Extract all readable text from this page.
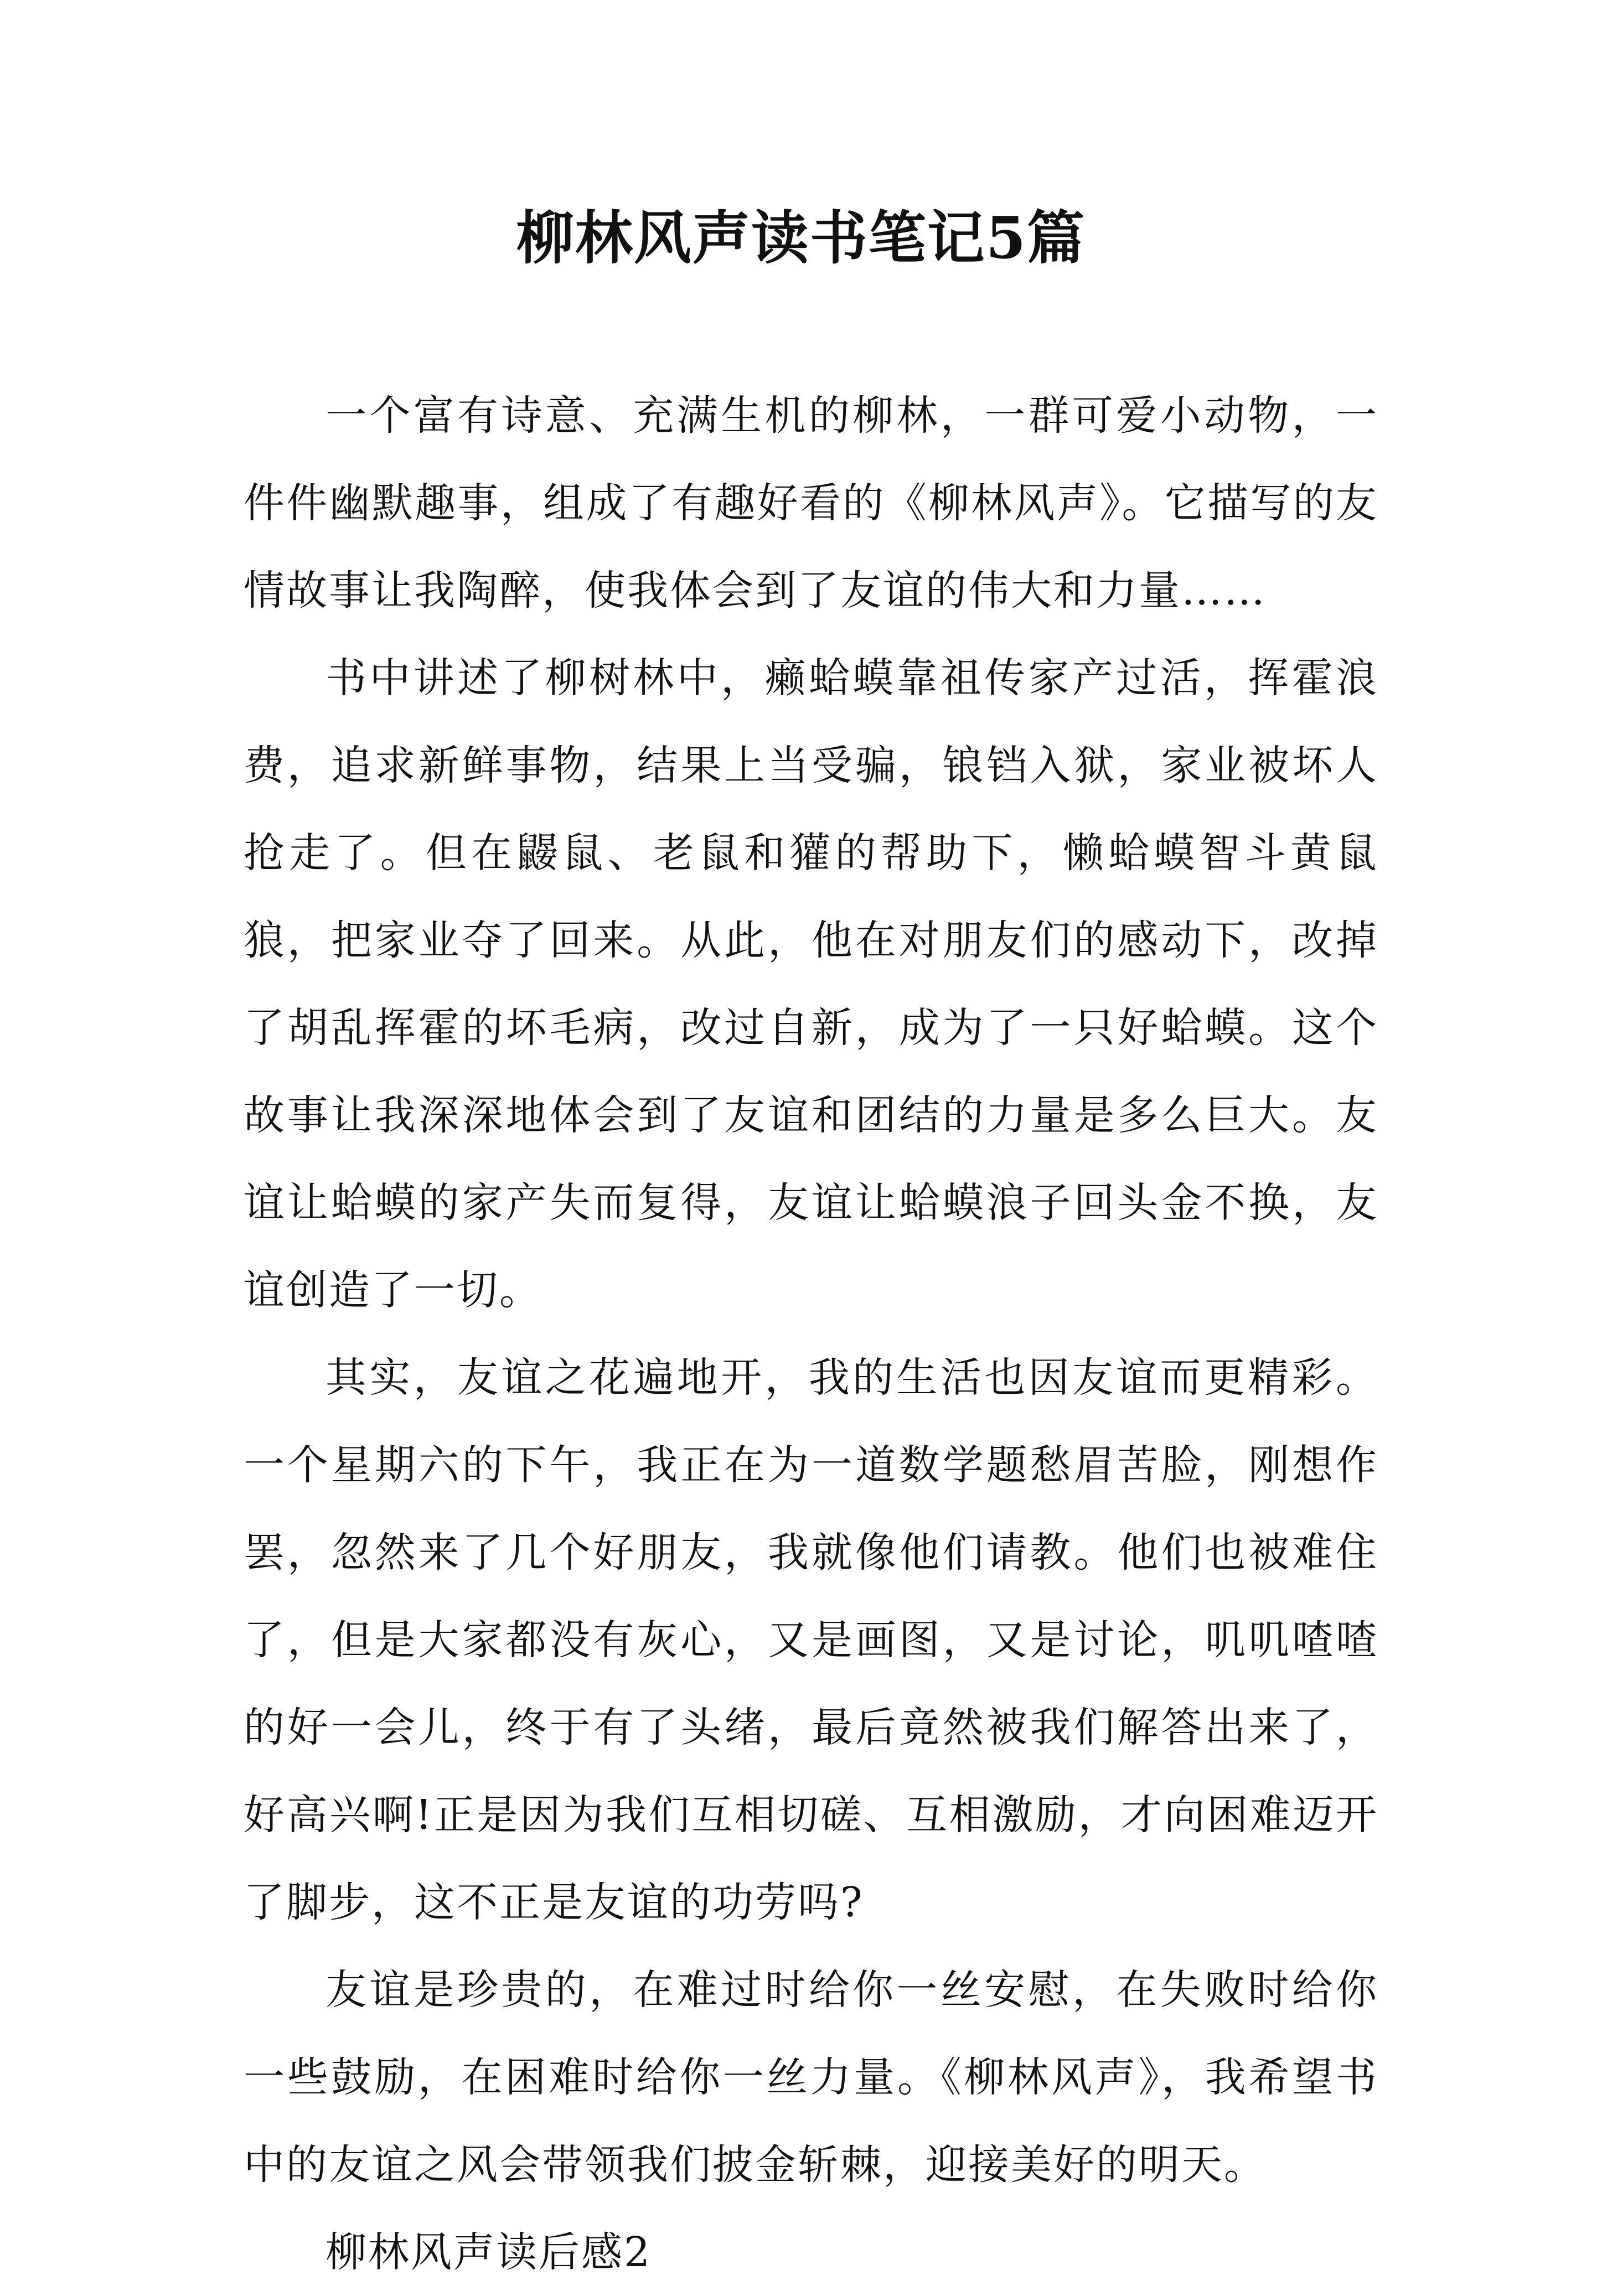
柳林风声读书笔记5篇

一个富有诗意、充满生机的柳林，一群可爱小动物，一件件幽默趣事，组成了有趣好看的《柳林风声》。它描写的友情故事让我陶醉，使我体会到了友谊的伟大和力量……

书中讲述了柳树林中，癞蛤蟆靠祖传家产过活，挥霍浪费，追求新鲜事物，结果上当受骗，锒铛入狱，家业被坏人抢走了。但在鼹鼠、老鼠和獾的帮助下，懒蛤蟆智斗黄鼠狼，把家业夺了回来。从此，他在对朋友们的感动下，改掉了胡乱挥霍的坏毛病，改过自新，成为了一只好蛤蟆。这个故事让我深深地体会到了友谊和团结的力量是多么巨大。友谊让蛤蟆的家产失而复得，友谊让蛤蟆浪子回头金不换，友谊创造了一切。

其实，友谊之花遍地开，我的生活也因友谊而更精彩。一个星期六的下午，我正在为一道数学题愁眉苦脸，刚想作罢，忽然来了几个好朋友，我就像他们请教。他们也被难住了，但是大家都没有灰心，又是画图，又是讨论，叽叽喳喳的好一会儿，终于有了头绪，最后竟然被我们解答出来了，好高兴啊!正是因为我们互相切磋、互相激励，才向困难迈开了脚步，这不正是友谊的功劳吗?

友谊是珍贵的，在难过时给你一丝安慰，在失败时给你一些鼓励，在困难时给你一丝力量。《柳林风声》，我希望书中的友谊之风会带领我们披金斩棘，迎接美好的明天。

柳林风声读后感2
